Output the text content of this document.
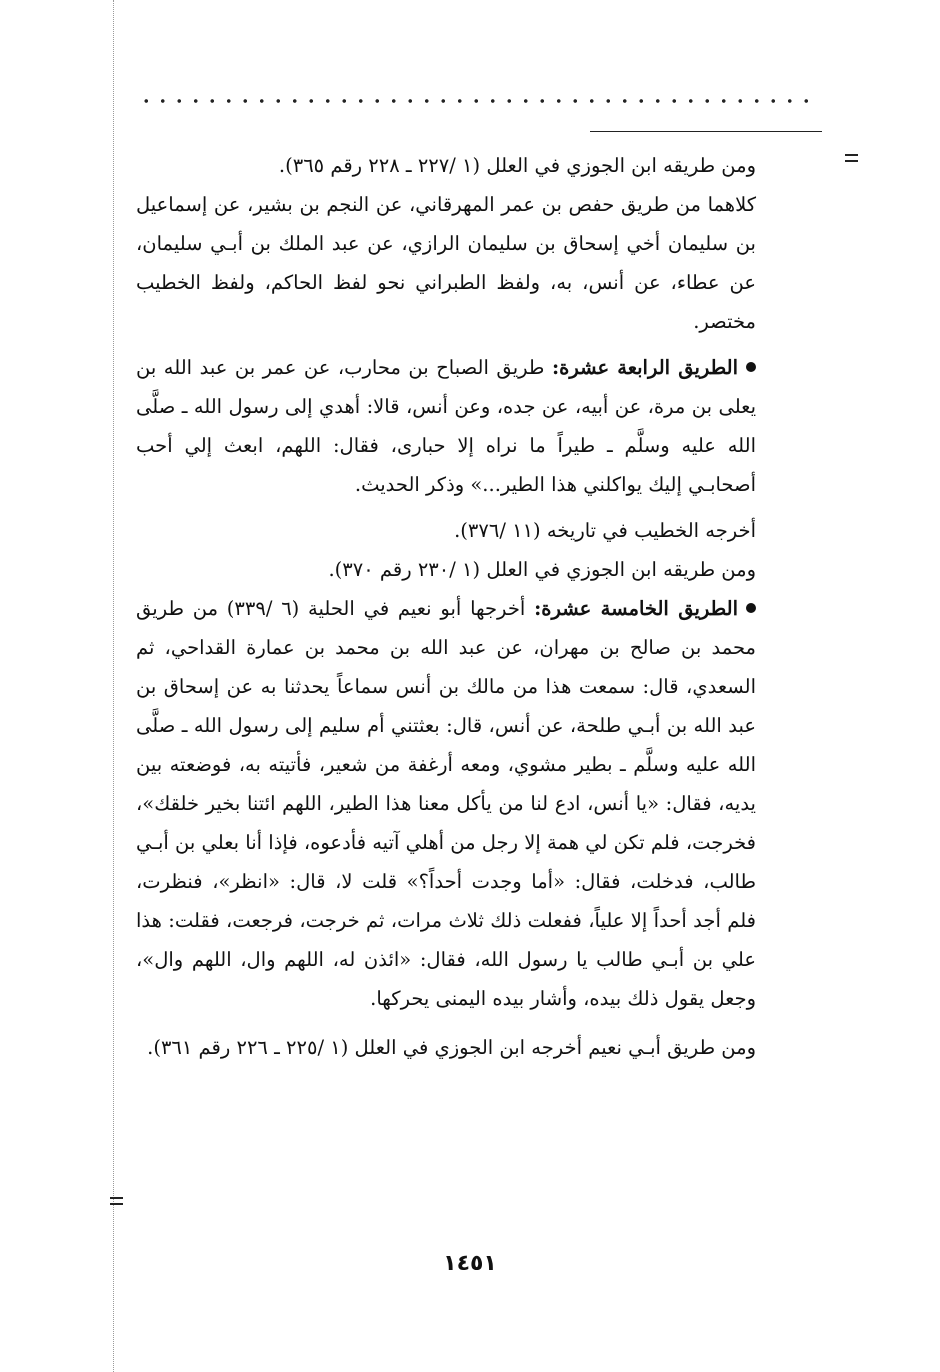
ومن طريقه ابن الجوزي في العلل (١ /٢٢٧ ـ ٢٢٨ رقم ٣٦٥).

كلاهما من طريق حفص بن عمر المهرقاني، عن النجم بن بشير، عن إسماعيل بن سليمان أخي إسحاق بن سليمان الرازي، عن عبد الملك بن أبـي سليمان، عن عطاء، عن أنس، به، ولفظ الطبراني نحو لفظ الحاكم، ولفظ الخطيب مختصر.

الطريق الرابعة عشرة: طريق الصباح بن محارب، عن عمر بن عبد الله بن يعلى بن مرة، عن أبيه، عن جده، وعن أنس، قالا: أهدي إلى رسول الله ـ صلَّى الله عليه وسلَّم ـ طيراً ما نراه إلا حبارى، فقال: اللهم، ابعث إلي أحب أصحابـي إليك يواكلني هذا الطير...» وذكر الحديث.

أخرجه الخطيب في تاريخه (١١ /٣٧٦).

ومن طريقه ابن الجوزي في العلل (١ /٢٣٠ رقم ٣٧٠).

الطريق الخامسة عشرة: أخرجها أبو نعيم في الحلية (٦ /٣٣٩) من طريق محمد بن صالح بن مهران، عن عبد الله بن محمد بن عمارة القداحي، ثم السعدي، قال: سمعت هذا من مالك بن أنس سماعاً يحدثنا به عن إسحاق بن عبد الله بن أبـي طلحة، عن أنس، قال: بعثتني أم سليم إلى رسول الله ـ صلَّى الله عليه وسلَّم ـ بطير مشوي، ومعه أرغفة من شعير، فأتيته به، فوضعته بين يديه، فقال: «يا أنس، ادع لنا من يأكل معنا هذا الطير، اللهم ائتنا بخير خلقك»، فخرجت، فلم تكن لي همة إلا رجل من أهلي آتيه فأدعوه، فإذا أنا بعلي بن أبـي طالب، فدخلت، فقال: «أما وجدت أحداً؟» قلت لا، قال: «انظر»، فنظرت، فلم أجد أحداً إلا علياً، ففعلت ذلك ثلاث مرات، ثم خرجت، فرجعت، فقلت: هذا علي بن أبـي طالب يا رسول الله، فقال: «ائذن له، اللهم وال، اللهم وال»، وجعل يقول ذلك بيده، وأشار بيده اليمنى يحركها.

ومن طريق أبـي نعيم أخرجه ابن الجوزي في العلل (١ /٢٢٥ ـ ٢٢٦ رقم ٣٦١).

١٤٥١
